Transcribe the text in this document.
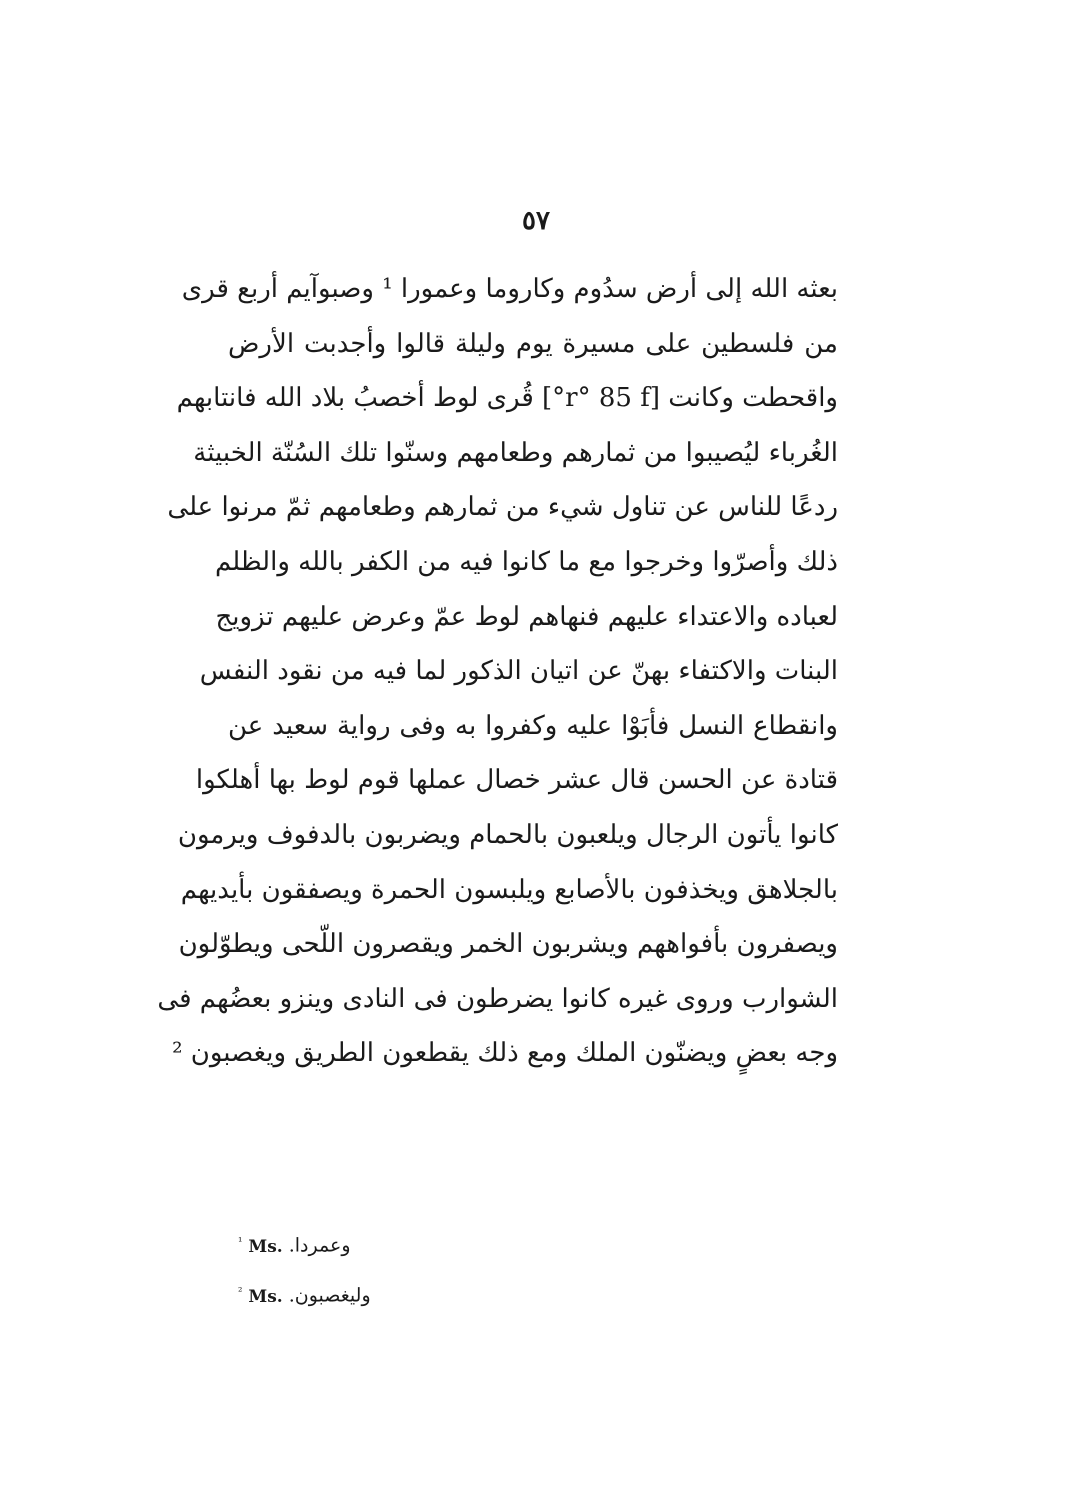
٥٧
بعثه الله إلى أرض سدُوم وكاروما وعمورا ¹ وصبوآيم أربع قرى
من فلسطين على مسيرة يوم وليلة قالوا وأجدبت الأرض
واقحطت وكانت [r° 85 f°] قُرى لوط أخصبُ بلاد الله فانتابهم
الغُرباء ليُصيبوا من ثمارهم وطعامهم وسنّوا تلك السُنّة الخبيثة
ردعًا للناس عن تناول شيء من ثمارهم وطعامهم ثمّ مرنوا على
ذلك وأصرّوا وخرجوا مع ما كانوا فيه من الكفر بالله والظلم
لعباده والاعتداء عليهم فنهاهم لوط عمّ وعرض عليهم تزويج
البنات والاكتفاء بهنّ عن اتيان الذكور لما فيه من نقود النفس
وانقطاع النسل فأبَوْا عليه وكفروا به وفى رواية سعيد عن
قتادة عن الحسن قال عشر خصال عملها قوم لوط بها أهلكوا
كانوا يأتون الرجال ويلعبون بالحمام ويضربون بالدفوف ويرمون
بالجلاهق ويخذفون بالأصابع ويلبسون الحمرة ويصفقون بأيديهم
ويصفرون بأفواههم ويشربون الخمر ويقصرون اللّحى ويطوّلون
الشوارب وروى غيره كانوا يضرطون فى النادى وينزو بعضُهم فى
وجه بعضٍ ويضنّون الملك ومع ذلك يقطعون الطريق ويغصبون ²
$^{^1}$ Ms. وعمردا.
$^{^2}$ Ms. وليغصبون.
